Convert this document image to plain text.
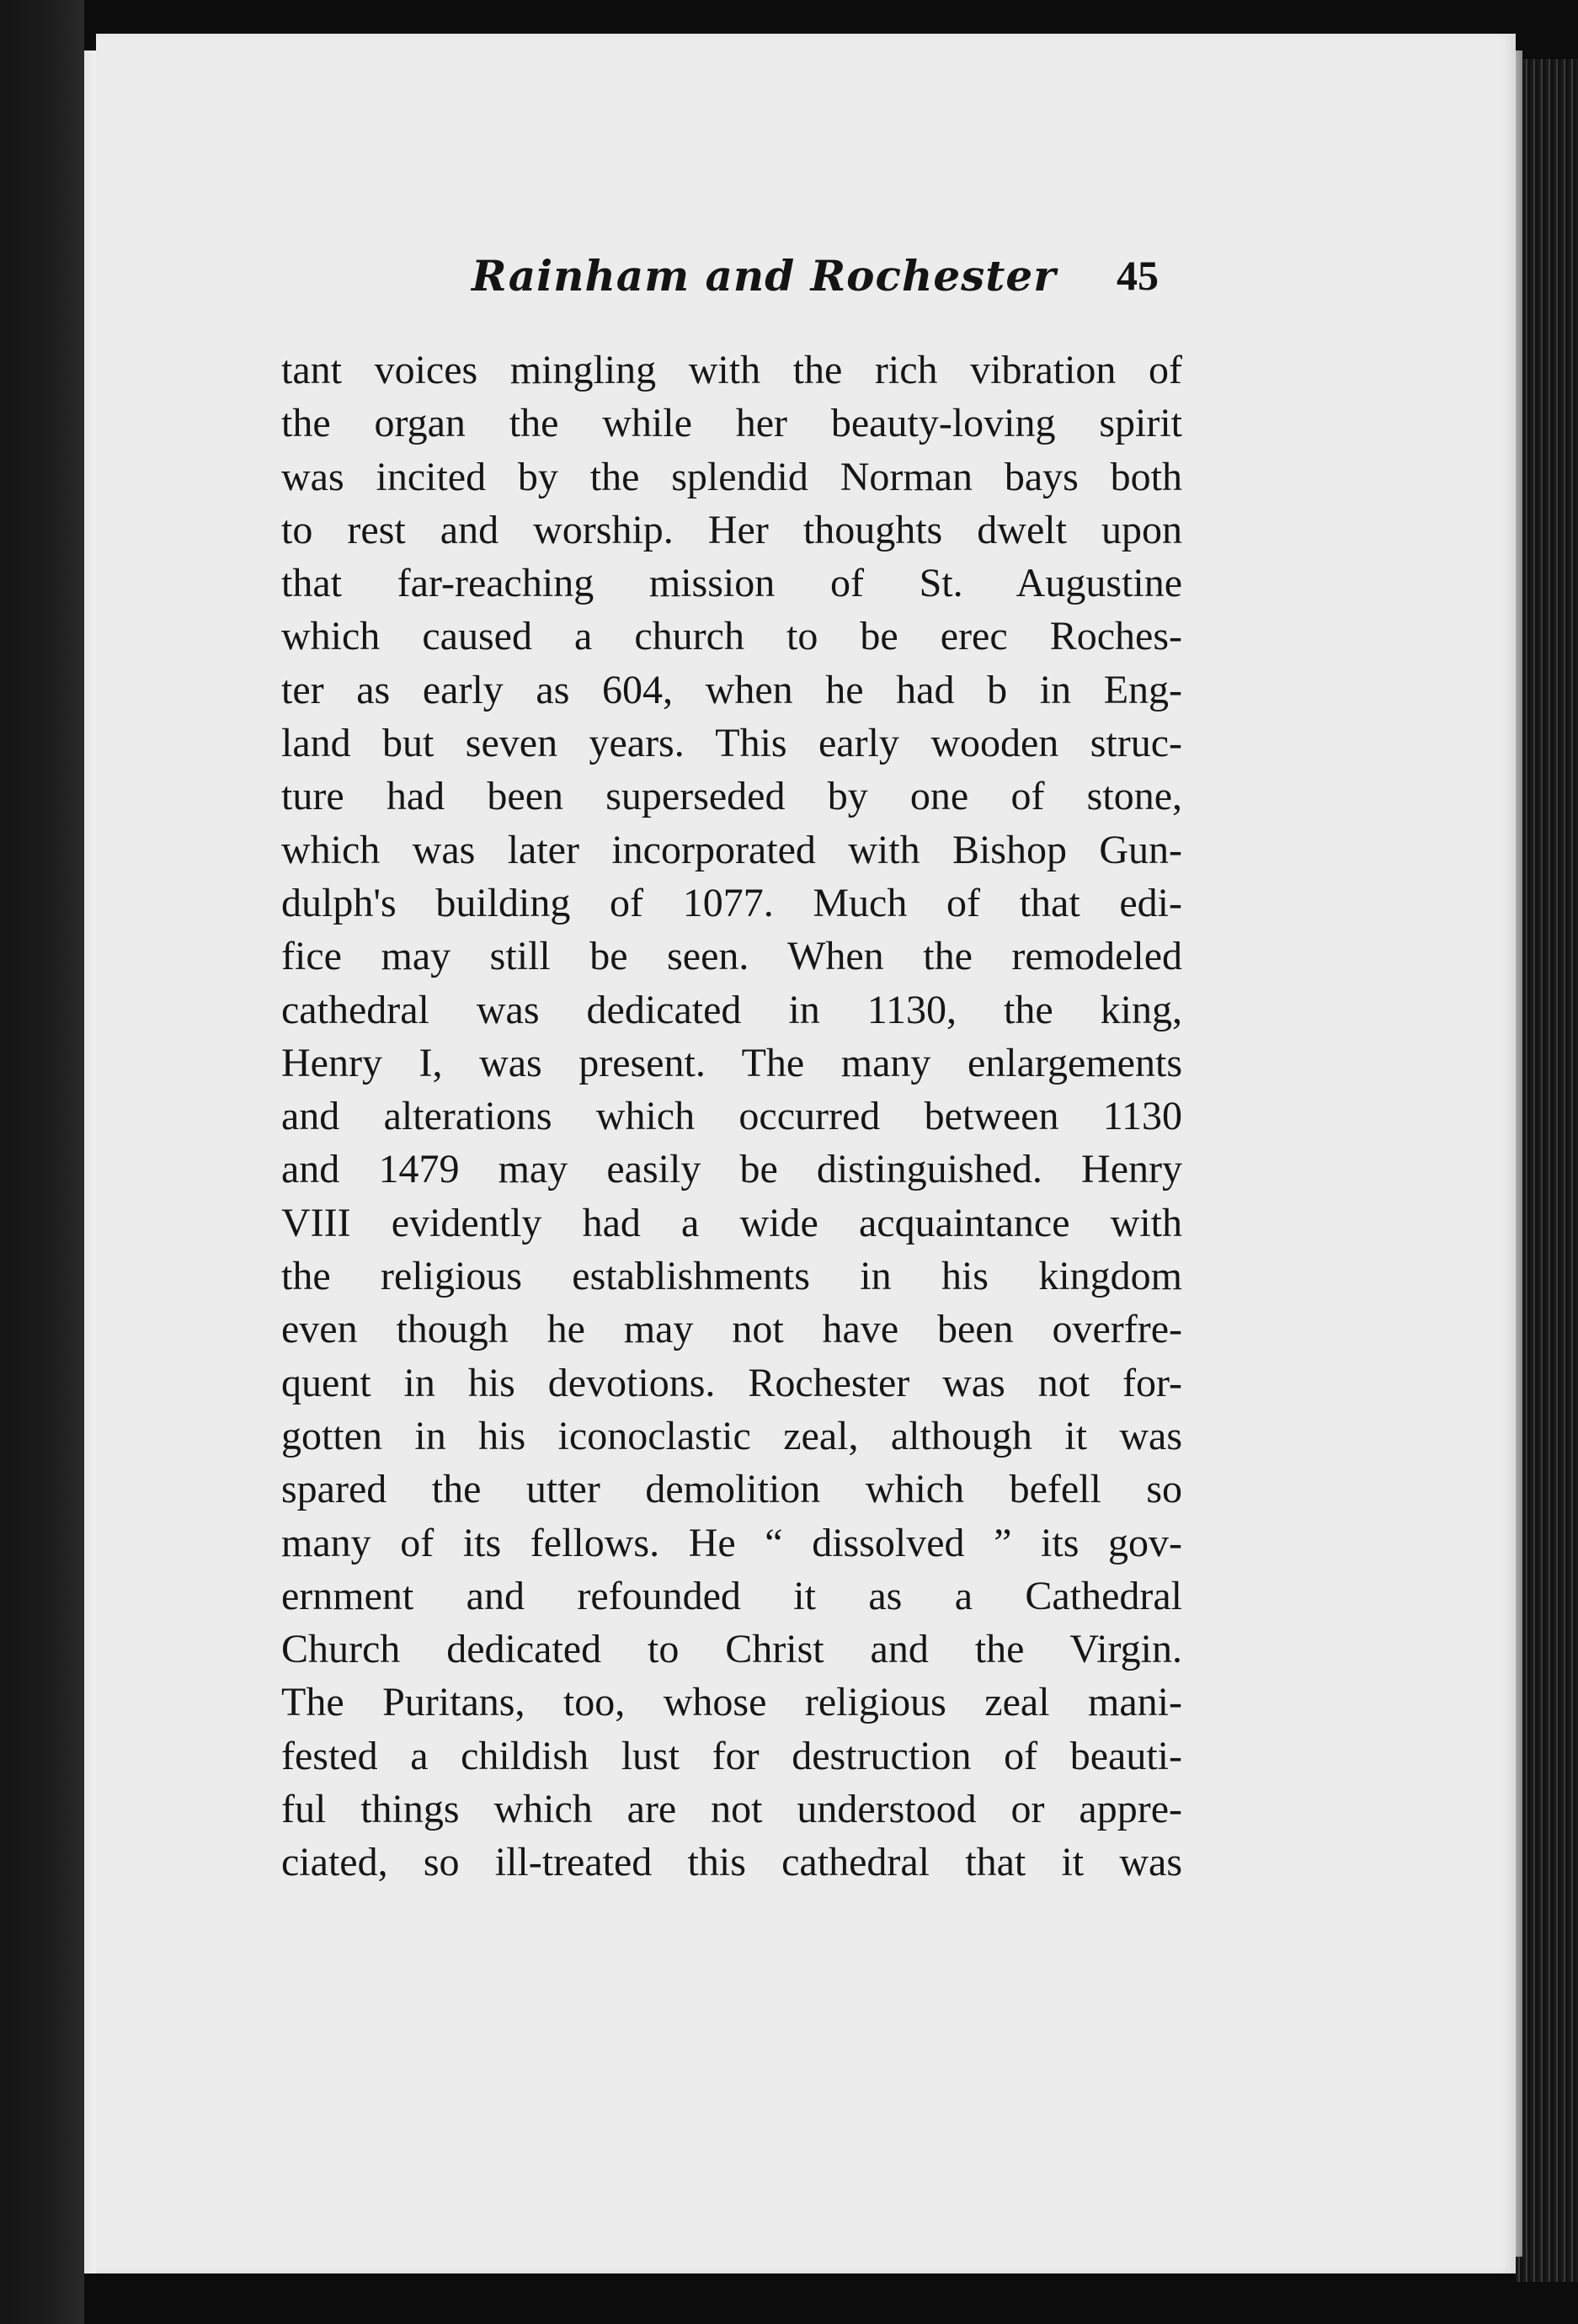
Rainham and Rochester 45
tant voices mingling with the rich vibration of
the organ the while her beauty-loving spirit
was incited by the splendid Norman bays both
to rest and worship. Her thoughts dwelt upon
that far-reaching mission of St. Augustine
which caused a church to be erec Roches-
ter as early as 604, when he had b in Eng-
land but seven years. This early wooden struc-
ture had been superseded by one of stone,
which was later incorporated with Bishop Gun-
dulph's building of 1077. Much of that edi-
fice may still be seen. When the remodeled
cathedral was dedicated in 1130, the king,
Henry I, was present. The many enlargements
and alterations which occurred between 1130
and 1479 may easily be distinguished. Henry
VIII evidently had a wide acquaintance with
the religious establishments in his kingdom
even though he may not have been overfre-
quent in his devotions. Rochester was not for-
gotten in his iconoclastic zeal, although it was
spared the utter demolition which befell so
many of its fellows. He “ dissolved ” its gov-
ernment and refounded it as a Cathedral
Church dedicated to Christ and the Virgin.
The Puritans, too, whose religious zeal mani-
fested a childish lust for destruction of beauti-
ful things which are not understood or appre-
ciated, so ill-treated this cathedral that it was
